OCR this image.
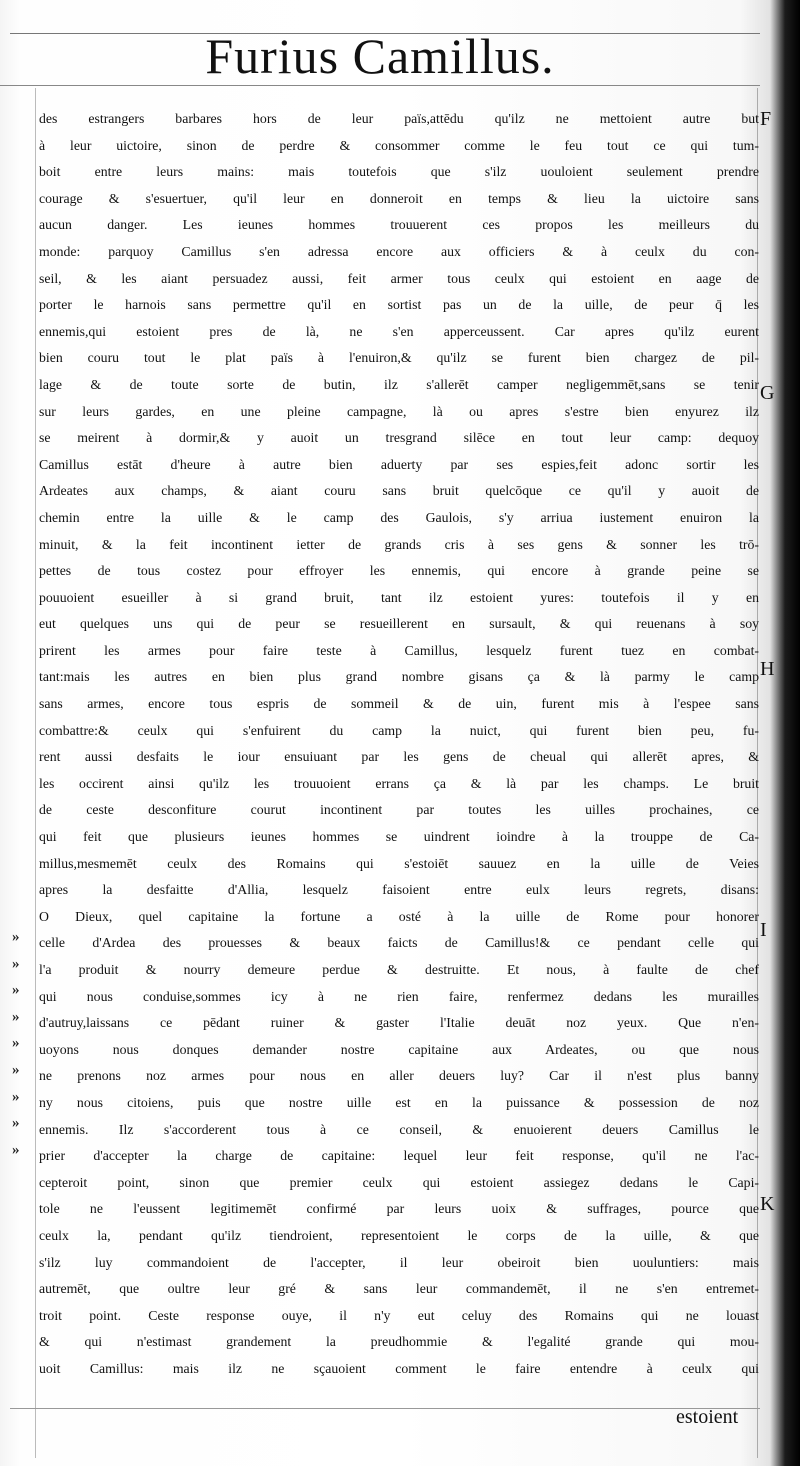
Furius Camillus.
des estrangers barbares hors de leur païs,attēdu qu'ilz ne mettoient autre but
à leur uictoire, sinon de perdre & consommer comme le feu tout ce qui tum-
boit entre leurs mains: mais toutefois que s'ilz uouloient seulement prendre
courage & s'esuertuer, qu'il leur en donneroit en temps & lieu la uictoire sans
aucun danger. Les ieunes hommes trouuerent ces propos les meilleurs du
monde: parquoy Camillus s'en adressa encore aux officiers & à ceulx du con-
seil, & les aiant persuadez aussi, feit armer tous ceulx qui estoient en aage de
porter le harnois sans permettre qu'il en sortist pas un de la uille, de peur q̄ les
ennemis,qui estoient pres de là, ne s'en apperceussent. Car apres qu'ilz eurent
bien couru tout le plat païs à l'enuiron,& qu'ilz se furent bien chargez de pil-
lage & de toute sorte de butin, ilz s'allerēt camper negligemmēt,sans se tenir
sur leurs gardes, en une pleine campagne, là ou apres s'estre bien enyurez ilz
se meirent à dormir,& y auoit un tresgrand silēce en tout leur camp: dequoy
Camillus estāt d'heure à autre bien aduerty par ses espies,feit adonc sortir les
Ardeates aux champs, & aiant couru sans bruit quelcōque ce qu'il y auoit de
chemin entre la uille & le camp des Gaulois, s'y arriua iustement enuiron la
minuit, & la feit incontinent ietter de grands cris à ses gens & sonner les trō-
pettes de tous costez pour effroyer les ennemis, qui encore à grande peine se
pouuoient esueiller à si grand bruit, tant ilz estoient yures: toutefois il y en
eut quelques uns qui de peur se resueillerent en sursault, & qui reuenans à soy
prirent les armes pour faire teste à Camillus, lesquelz furent tuez en combat-
tant:mais les autres en bien plus grand nombre gisans ça & là parmy le camp
sans armes, encore tous espris de sommeil & de uin, furent mis à l'espee sans
combattre:& ceulx qui s'enfuirent du camp la nuict, qui furent bien peu, fu-
rent aussi desfaits le iour ensuiuant par les gens de cheual qui allerēt apres, &
les occirent ainsi qu'ilz les trouuoient errans ça & là par les champs. Le bruit
de ceste desconfiture courut incontinent par toutes les uilles prochaines, ce
qui feit que plusieurs ieunes hommes se uindrent ioindre à la trouppe de Ca-
millus,mesmemēt ceulx des Romains qui s'estoiēt sauuez en la uille de Veies
apres la desfaitte d'Allia, lesquelz faisoient entre eulx leurs regrets, disans:
O Dieux, quel capitaine la fortune a osté à la uille de Rome pour honorer
celle d'Ardea des prouesses & beaux faicts de Camillus!& ce pendant celle qui
l'a produit & nourry demeure perdue & destruitte. Et nous, à faulte de chef
qui nous conduise,sommes icy à ne rien faire, renfermez dedans les murailles
d'autruy,laissans ce pēdant ruiner & gaster l'Italie deuāt noz yeux. Que n'en-
uoyons nous donques demander nostre capitaine aux Ardeates, ou que nous
ne prenons noz armes pour nous en aller deuers luy? Car il n'est plus banny
ny nous citoiens, puis que nostre uille est en la puissance & possession de noz
ennemis. Ilz s'accorderent tous à ce conseil, & enuoierent deuers Camillus le
prier d'accepter la charge de capitaine: lequel leur feit response, qu'il ne l'ac-
cepteroit point, sinon que premier ceulx qui estoient assiegez dedans le Capi-
tole ne l'eussent legitimemēt confirmé par leurs uoix & suffrages, pource que
ceulx la, pendant qu'ilz tiendroient, representoient le corps de la uille, & que
s'ilz luy commandoient de l'accepter, il leur obeiroit bien uouluntiers: mais
autremēt, que oultre leur gré & sans leur commandemēt, il ne s'en entremet-
troit point. Ceste response ouye, il n'y eut celuy des Romains qui ne louast
& qui n'estimast grandement la preudhommie & l'egalité grande qui mou-
uoit Camillus: mais ilz ne sçauoient comment le faire entendre à ceulx qui
»
»
»
»
»
»
»
»
»
F
G
H
I
K
estoient
